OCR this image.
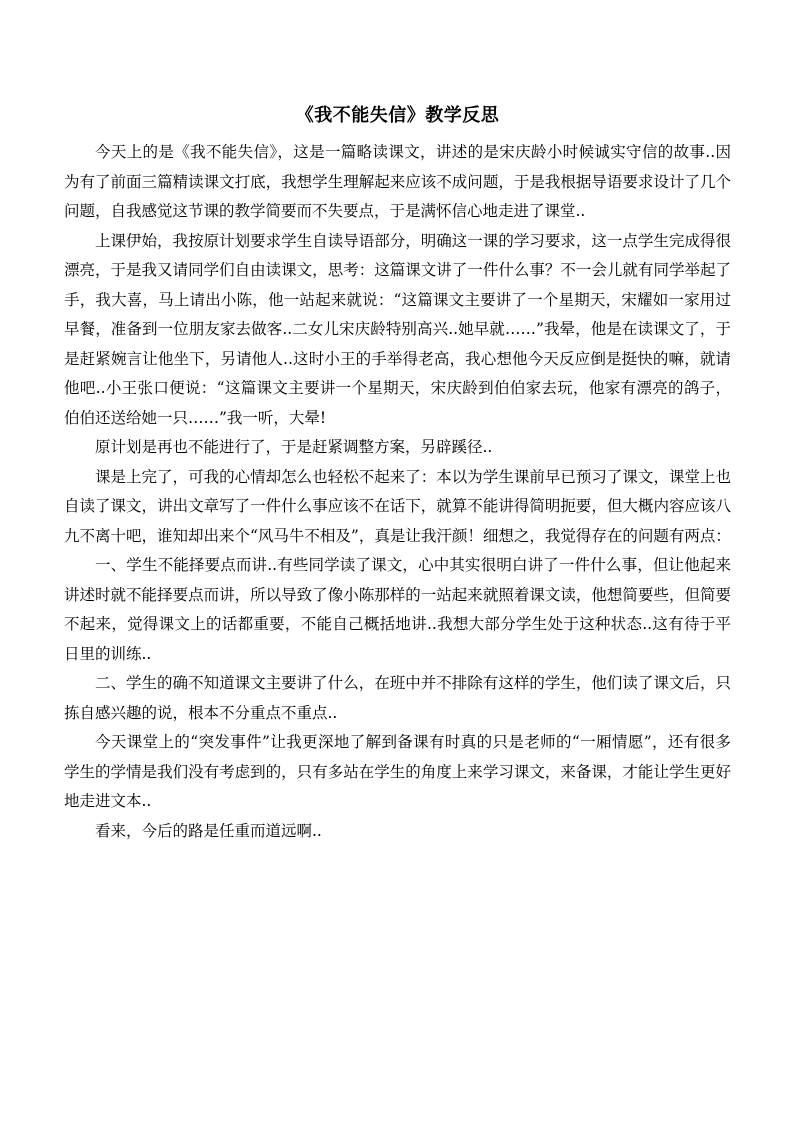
《我不能失信》教学反思

今天上的是《我不能失信》，这是一篇略读课文，讲述的是宋庆龄小时候诚实守信的故事..因为有了前面三篇精读课文打底，我想学生理解起来应该不成问题，于是我根据导语要求设计了几个问题，自我感觉这节课的教学简要而不失要点，于是满怀信心地走进了课堂..

上课伊始，我按原计划要求学生自读导语部分，明确这一课的学习要求，这一点学生完成得很漂亮，于是我又请同学们自由读课文，思考：这篇课文讲了一件什么事？不一会儿就有同学举起了手，我大喜，马上请出小陈，他一站起来就说：“这篇课文主要讲了一个星期天，宋耀如一家用过早餐，准备到一位朋友家去做客..二女儿宋庆龄特别高兴..她早就……”我晕，他是在读课文了，于是赶紧婉言让他坐下，另请他人..这时小王的手举得老高，我心想他今天反应倒是挺快的嘛，就请他吧..小王张口便说：“这篇课文主要讲一个星期天，宋庆龄到伯伯家去玩，他家有漂亮的鸽子，伯伯还送给她一只……”我一听，大晕!

原计划是再也不能进行了，于是赶紧调整方案，另辟蹊径..

课是上完了，可我的心情却怎么也轻松不起来了：本以为学生课前早已预习了课文，课堂上也自读了课文，讲出文章写了一件什么事应该不在话下，就算不能讲得简明扼要，但大概内容应该八九不离十吧，谁知却出来个“风马牛不相及”，真是让我汗颜！细想之，我觉得存在的问题有两点：

一、学生不能择要点而讲..有些同学读了课文，心中其实很明白讲了一件什么事，但让他起来讲述时就不能择要点而讲，所以导致了像小陈那样的一站起来就照着课文读，他想简要些，但简要不起来，觉得课文上的话都重要，不能自己概括地讲..我想大部分学生处于这种状态..这有待于平日里的训练..

二、学生的确不知道课文主要讲了什么，在班中并不排除有这样的学生，他们读了课文后，只拣自感兴趣的说，根本不分重点不重点..

今天课堂上的“突发事件”让我更深地了解到备课有时真的只是老师的“一厢情愿”，还有很多学生的学情是我们没有考虑到的，只有多站在学生的角度上来学习课文，来备课，才能让学生更好地走进文本..

看来，今后的路是任重而道远啊..
